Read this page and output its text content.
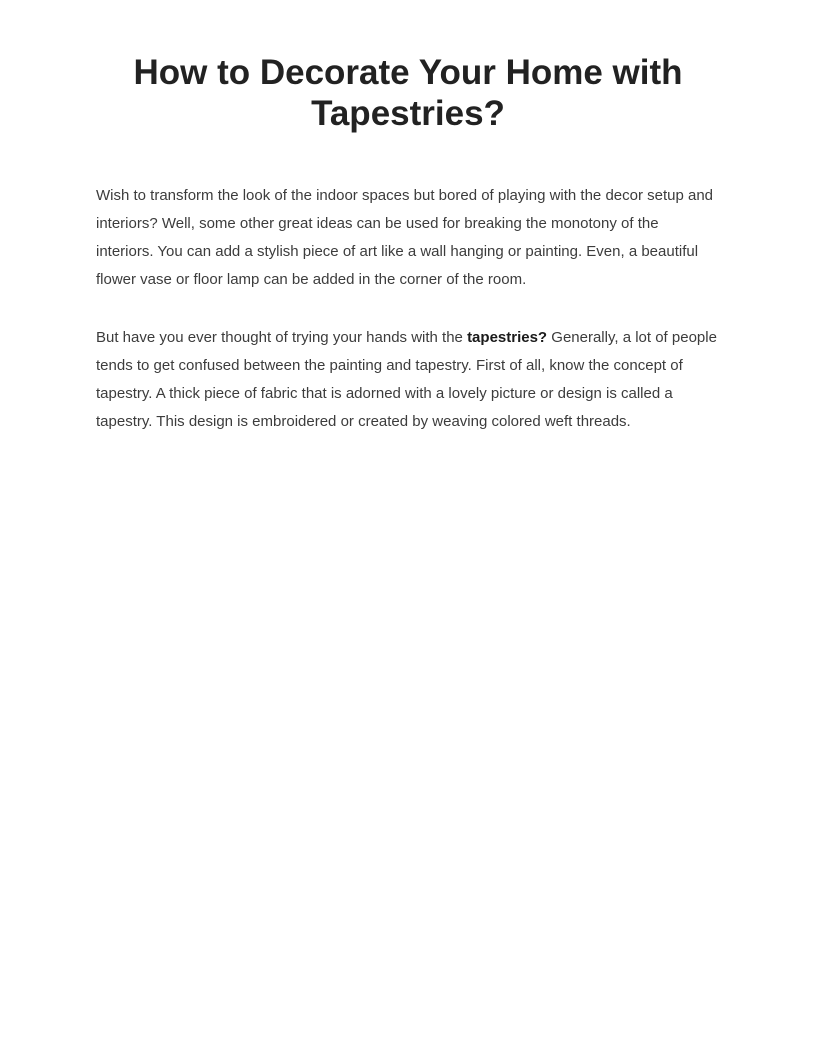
How to Decorate Your Home with Tapestries?

Wish to transform the look of the indoor spaces but bored of playing with the decor setup and interiors? Well, some other great ideas can be used for breaking the monotony of the interiors. You can add a stylish piece of art like a wall hanging or painting. Even, a beautiful flower vase or floor lamp can be added in the corner of the room.

But have you ever thought of trying your hands with the tapestries? Generally, a lot of people tends to get confused between the painting and tapestry. First of all, know the concept of tapestry. A thick piece of fabric that is adorned with a lovely picture or design is called a tapestry. This design is embroidered or created by weaving colored weft threads.
